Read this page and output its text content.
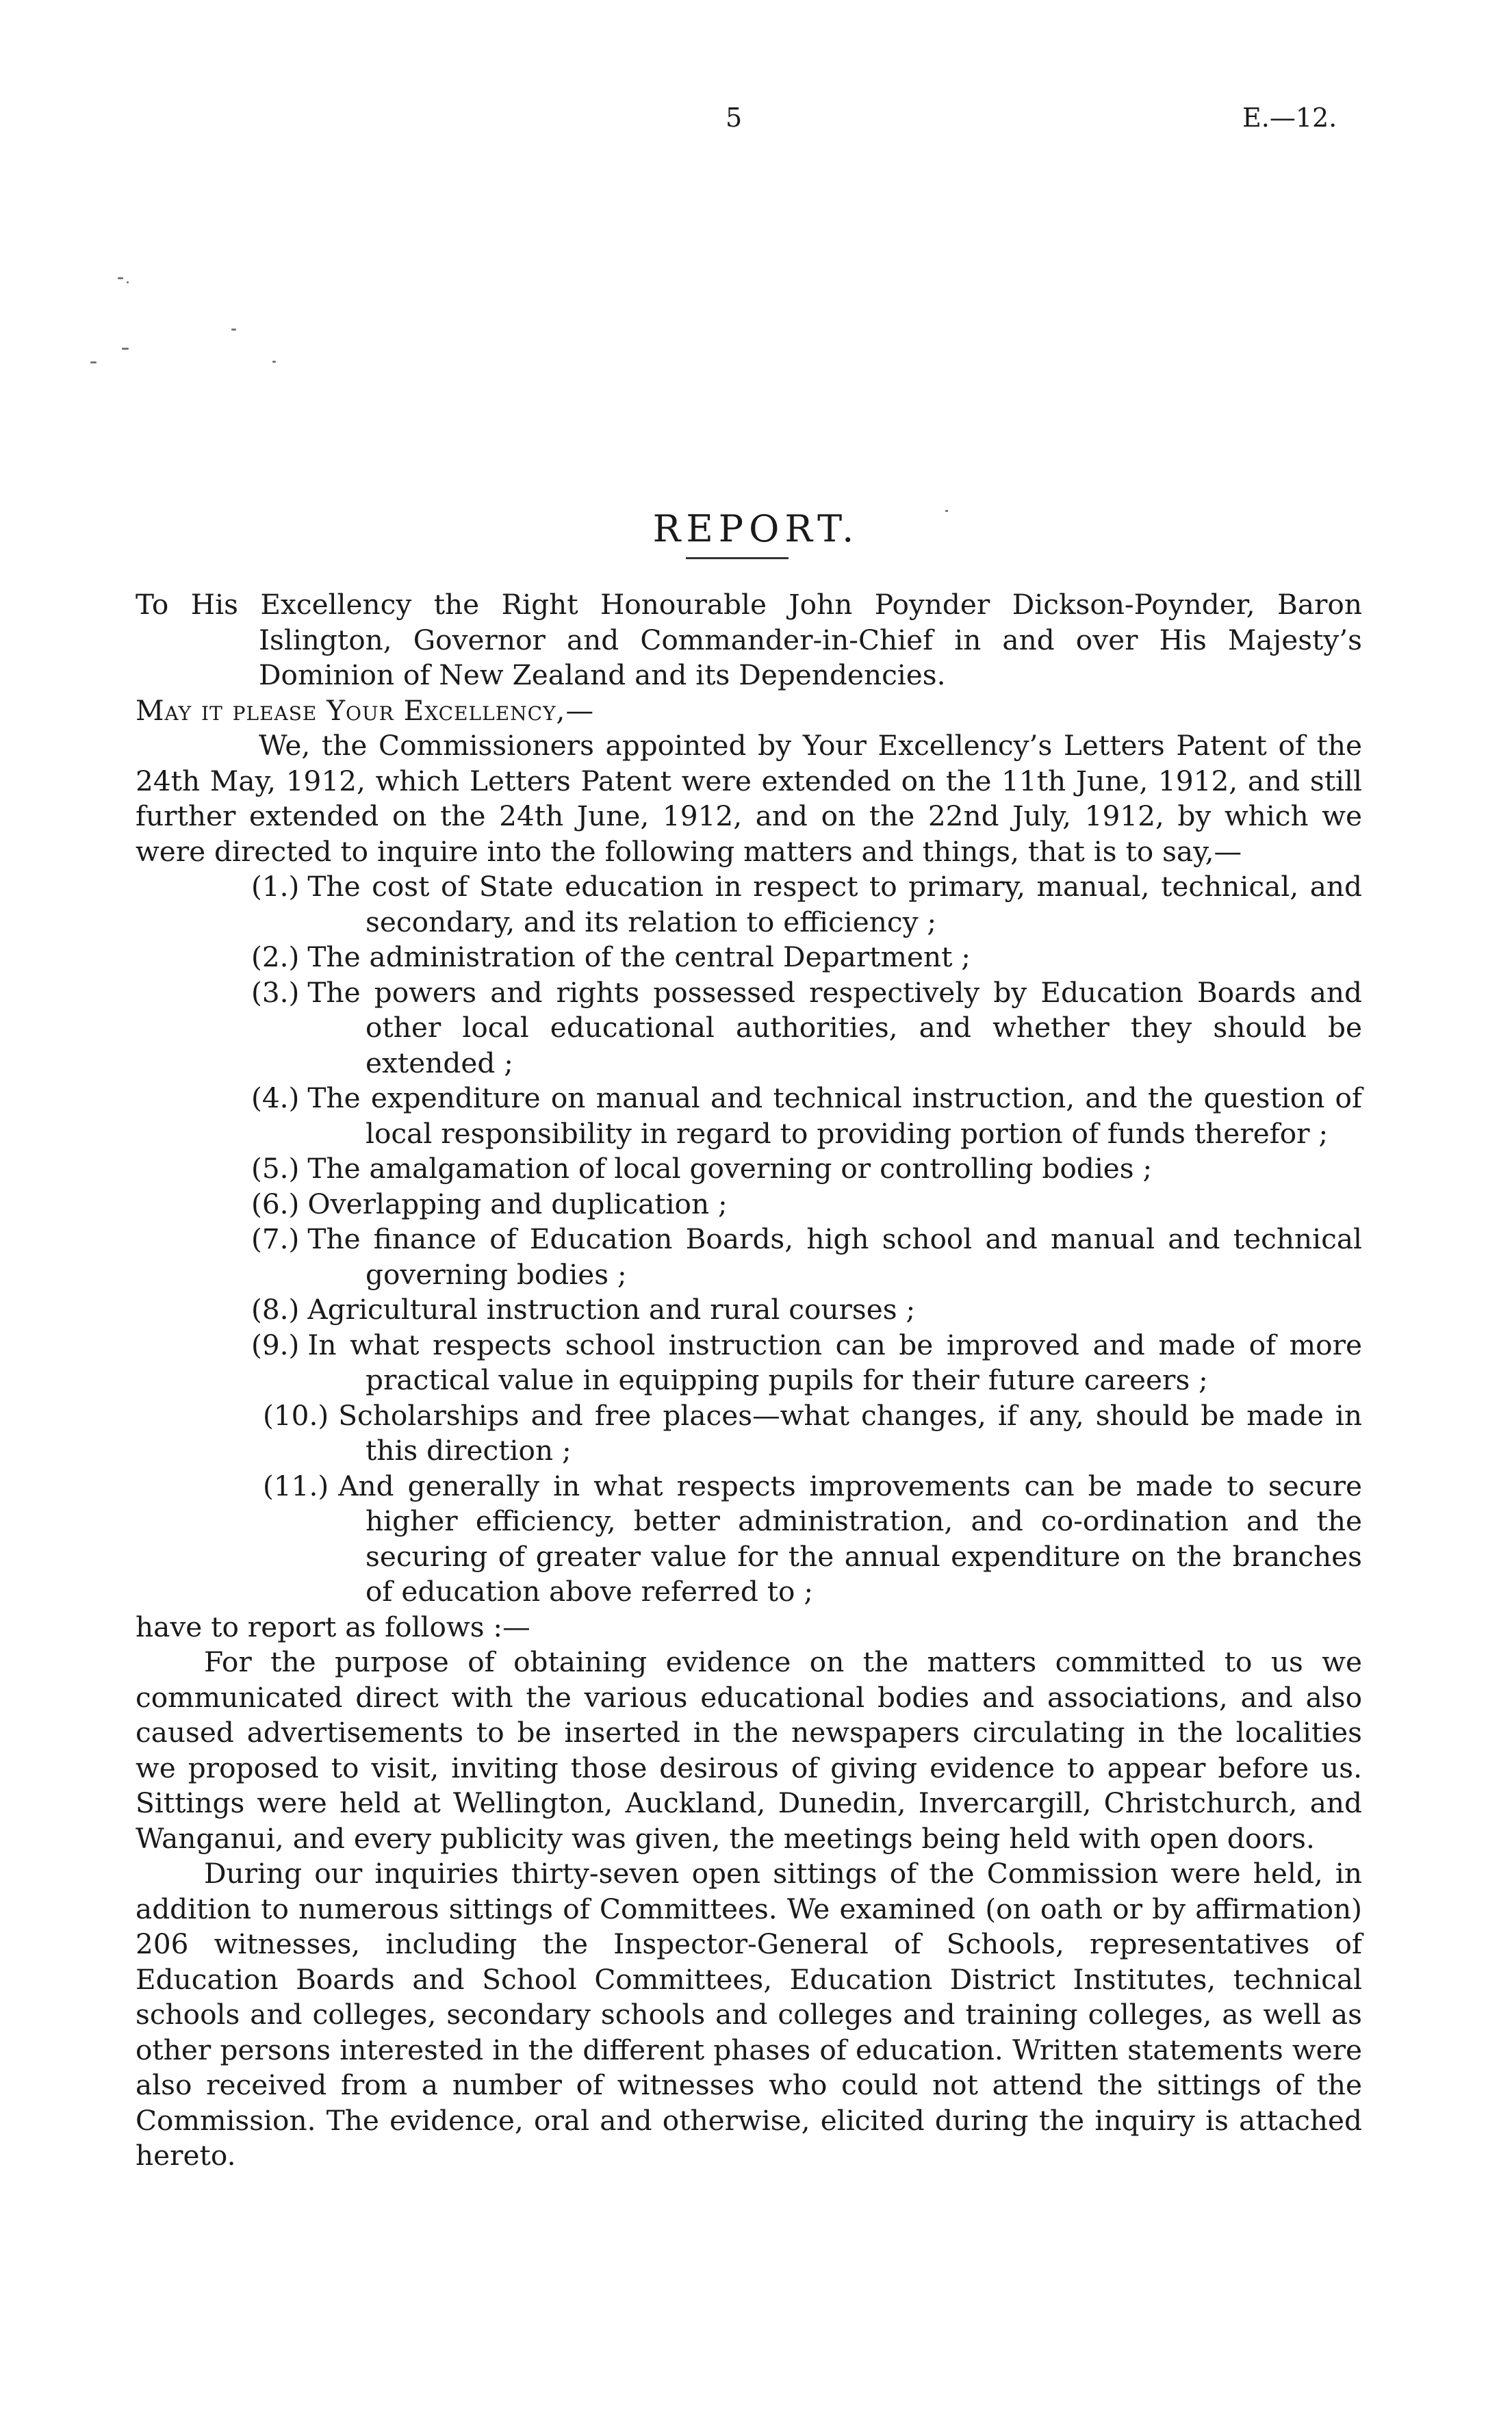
5	E.—12.
REPORT.

To His Excellency the Right Honourable John Poynder Dickson-Poynder, Baron Islington, Governor and Commander-in-Chief in and over His Majesty’s Dominion of New Zealand and its Dependencies.

May it please Your Excellency,—

We, the Commissioners appointed by Your Excellency’s Letters Patent of the 24th May, 1912, which Letters Patent were extended on the 11th June, 1912, and still further extended on the 24th June, 1912, and on the 22nd July, 1912, by which we were directed to inquire into the following matters and things, that is to say,—

(1.) The cost of State education in respect to primary, manual, technical, and secondary, and its relation to efficiency ;
(2.) The administration of the central Department ;
(3.) The powers and rights possessed respectively by Education Boards and other local educational authorities, and whether they should be extended ;
(4.) The expenditure on manual and technical instruction, and the question of local responsibility in regard to providing portion of funds therefor ;
(5.) The amalgamation of local governing or controlling bodies ;
(6.) Overlapping and duplication ;
(7.) The finance of Education Boards, high school and manual and technical governing bodies ;
(8.) Agricultural instruction and rural courses ;
(9.) In what respects school instruction can be improved and made of more practical value in equipping pupils for their future careers ;
(10.) Scholarships and free places—what changes, if any, should be made in this direction ;
(11.) And generally in what respects improvements can be made to secure higher efficiency, better administration, and co-ordination and the securing of greater value for the annual expenditure on the branches of education above referred to ;

have to report as follows :—

For the purpose of obtaining evidence on the matters committed to us we communicated direct with the various educational bodies and associations, and also caused advertisements to be inserted in the newspapers circulating in the localities we proposed to visit, inviting those desirous of giving evidence to appear before us. Sittings were held at Wellington, Auckland, Dunedin, Invercargill, Christchurch, and Wanganui, and every publicity was given, the meetings being held with open doors.

During our inquiries thirty-seven open sittings of the Commission were held, in addition to numerous sittings of Committees. We examined (on oath or by affirmation) 206 witnesses, including the Inspector-General of Schools, representatives of Education Boards and School Committees, Education District Institutes, technical schools and colleges, secondary schools and colleges and training colleges, as well as other persons interested in the different phases of education. Written statements were also received from a number of witnesses who could not attend the sittings of the Commission. The evidence, oral and otherwise, elicited during the inquiry is attached hereto.
